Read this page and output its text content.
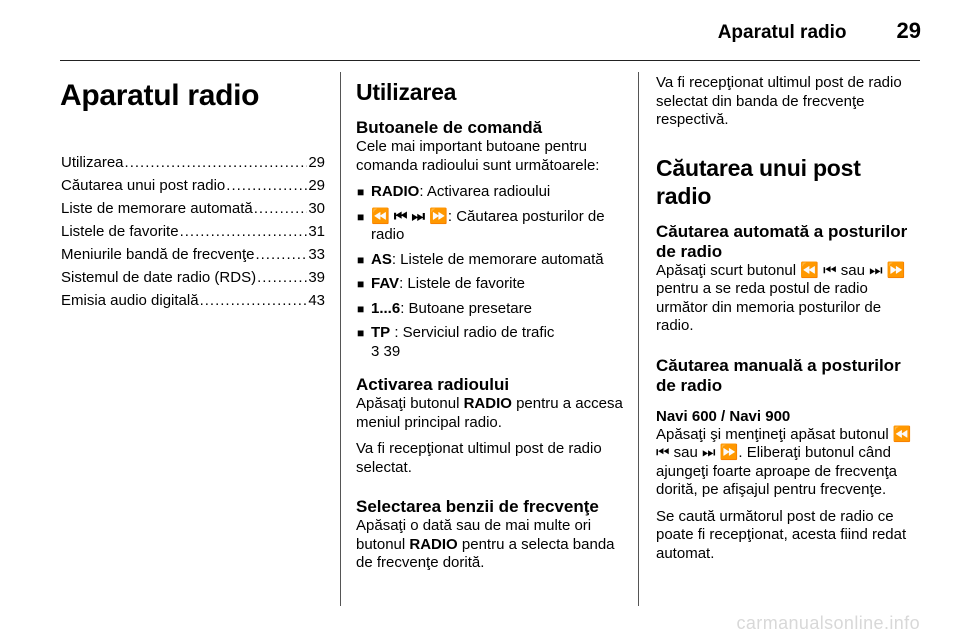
Aparatul radio 29
Aparatul radio
Utilizarea .....	29
Căutarea unui post radio .....	29
Liste de memorare automată .....	30
Listele de favorite .....	31
Meniurile bandă de frecvenţe .....	33
Sistemul de date radio (RDS) .....	39
Emisia audio digitală .....	43
Utilizarea
Butoanele de comandă

Cele mai important butoane pentru comanda radioului sunt următoarele:

■ RADIO: Activarea radioului
■ ⏪ ⏮ ⏭ ⏩: Căutarea posturilor de radio
■ AS: Listele de memorare automată
■ FAV: Listele de favorite
■ 1...6: Butoane presetare
■ TP : Serviciul radio de trafic
3 39
Activarea radioului

Apăsaţi butonul RADIO pentru a accesa meniul principal radio.

Va fi recepţionat ultimul post de radio selectat.

Selectarea benzii de frecvenţe

Apăsaţi o dată sau de mai multe ori butonul RADIO pentru a selecta banda de frecvenţe dorită.

Va fi recepţionat ultimul post de radio selectat din banda de frecvenţe respectivă.

Căutarea unui post radio
Căutarea automată a posturilor de radio

Apăsaţi scurt butonul ⏪ ⏮ sau ⏭ ⏩ pentru a se reda postul de radio următor din memoria posturilor de radio.

Căutarea manuală a posturilor de radio
Navi 600 / Navi 900

Apăsaţi şi menţineţi apăsat butonul ⏪ ⏮ sau ⏭ ⏩. Eliberaţi butonul când ajungeţi foarte aproape de frecvenţa dorită, pe afişajul pentru frecvenţe.

Se caută următorul post de radio ce poate fi recepţionat, acesta fiind redat automat.

carmanualsonline.info
